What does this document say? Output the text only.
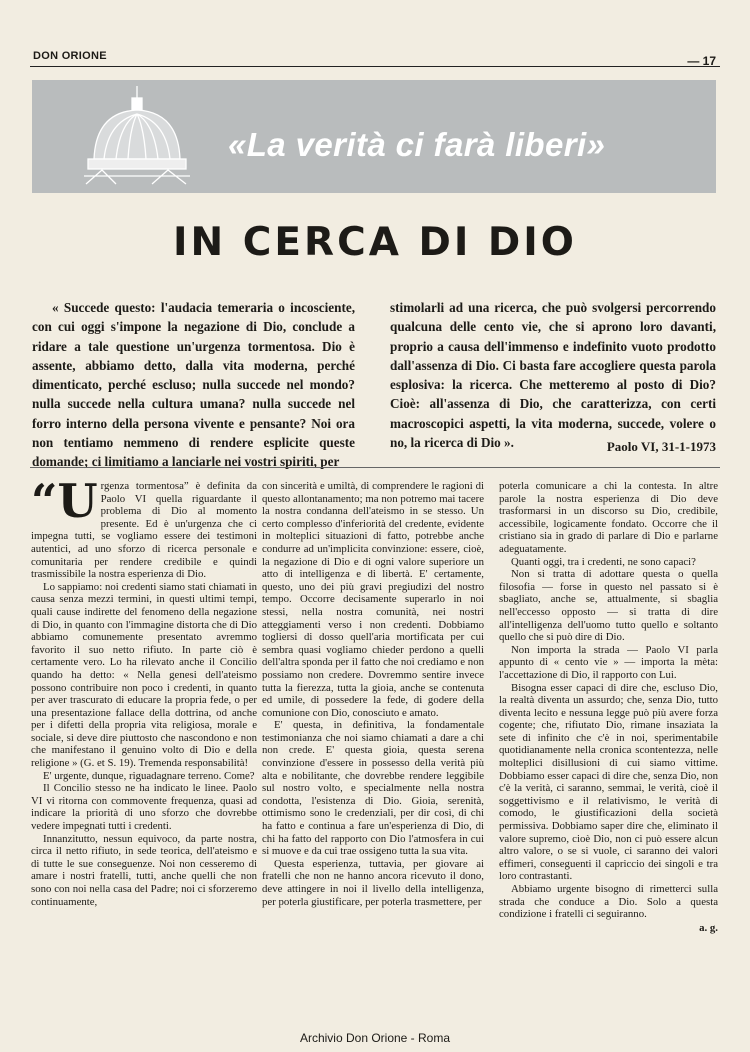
DON ORIONE	— 17
«La verità ci farà liberi»
IN CERCA DI DIO

« Succede questo: l'audacia temeraria o incosciente, con cui oggi s'impone la negazione di Dio, conclude a ridare a tale questione un'urgenza tormentosa. Dio è assente, abbiamo detto, dalla vita moderna, perché dimenticato, perché escluso; nulla succede nel mondo? nulla succede nella cultura umana? nulla succede nel forro interno della persona vivente e pensante? Noi ora non tentiamo nemmeno di rendere esplicite queste domande; ci limitiamo a lanciarle nei vostri spiriti, per

stimolarli ad una ricerca, che può svolgersi percorrendo qualcuna delle cento vie, che si aprono loro davanti, proprio a causa dell'immenso e indefinito vuoto prodotto dall'assenza di Dio. Ci basta fare accogliere questa parola esplosiva: la ricerca. Che metteremo al posto di Dio? Cioè: all'assenza di Dio, che caratterizza, con certi macroscopici aspetti, la vita moderna, succede, volere o no, la ricerca di Dio ».	Paolo VI, 31-1-1973

“Urgenza tormentosa” è definita da Paolo VI quella riguardante il problema di Dio al momento presente. Ed è un'urgenza che ci impegna tutti, se vogliamo essere dei testimoni autentici, ad uno sforzo di ricerca personale e comunitaria per rendere credibile e quindi trasmissibile la nostra esperienza di Dio.

Lo sappiamo: noi credenti siamo stati chiamati in causa senza mezzi termini, in questi ultimi tempi, quali cause indirette del fenomeno della negazione di Dio, in quanto con l'immagine distorta che di Dio abbiamo comunemente presentato avremmo favorito il suo netto rifiuto. In parte ciò è certamente vero. Lo ha rilevato anche il Concilio quando ha detto: « Nella genesi dell'ateismo possono contribuire non poco i credenti, in quanto per aver trascurato di educare la propria fede, o per una presentazione fallace della dottrina, od anche per i difetti della propria vita religiosa, morale e sociale, si deve dire piuttosto che nascondono e non che manifestano il genuino volto di Dio e della religione » (G. et S. 19). Tremenda responsabilità!

E' urgente, dunque, riguadagnare terreno. Come?

Il Concilio stesso ne ha indicato le linee. Paolo VI vi ritorna con commovente frequenza, quasi ad indicare la priorità di uno sforzo che dovrebbe vedere impegnati tutti i credenti.

Innanzitutto, nessun equivoco, da parte nostra, circa il netto rifiuto, in sede teorica, dell'ateismo e di tutte le sue conseguenze. Noi non cesseremo di amare i nostri fratelli, tutti, anche quelli che non sono con noi nella casa del Padre; noi ci sforzeremo continuamente,

con sincerità e umiltà, di comprendere le ragioni di questo allontanamento; ma non potremo mai tacere la nostra condanna dell'ateismo in se stesso. Un certo complesso d'inferiorità del credente, evidente in molteplici situazioni di fatto, potrebbe anche condurre ad un'implicita convinzione: essere, cioè, la negazione di Dio e di ogni valore superiore un atto di intelligenza e di libertà. E' certamente, questo, uno dei più gravi pregiudizi del nostro tempo. Occorre decisamente superarlo in noi stessi, nella nostra comunità, nei nostri atteggiamenti verso i non credenti. Dobbiamo togliersi di dosso quell'aria mortificata per cui sembra quasi vogliamo chieder perdono a quelli dell'altra sponda per il fatto che noi crediamo e non possiamo non credere. Dovremmo sentire invece tutta la fierezza, tutta la gioia, anche se contenuta ed umile, di possedere la fede, di godere della comunione con Dio, conosciuto e amato.

E' questa, in definitiva, la fondamentale testimonianza che noi siamo chiamati a dare a chi non crede. E' questa gioia, questa serena convinzione d'essere in possesso della verità più alta e nobilitante, che dovrebbe rendere leggibile sul nostro volto, e specialmente nella nostra condotta, l'esistenza di Dio. Gioia, serenità, ottimismo sono le credenziali, per dir così, di chi ha fatto e continua a fare un'esperienza di Dio, di chi ha fatto del rapporto con Dio l'atmosfera in cui si muove e da cui trae ossigeno tutta la sua vita.

Questa esperienza, tuttavia, per giovare ai fratelli che non ne hanno ancora ricevuto il dono, deve attingere in noi il livello della intelligenza, per poterla giustificare, per poterla trasmettere, per

poterla comunicare a chi la contesta. In altre parole la nostra esperienza di Dio deve trasformarsi in un discorso su Dio, credibile, accessibile, logicamente fondato. Occorre che il cristiano sia in grado di parlare di Dio e parlarne adeguatamente.

Quanti oggi, tra i credenti, ne sono capaci?

Non si tratta di adottare questa o quella filosofia — forse in questo nel passato si è sbagliato, anche se, attualmente, si sbaglia nell'eccesso opposto — si tratta di dire all'intelligenza dell'uomo tutto quello e soltanto quello che si può dire di Dio.

Non importa la strada — Paolo VI parla appunto di « cento vie » — importa la mèta: l'accettazione di Dio, il rapporto con Lui.

Bisogna esser capaci di dire che, escluso Dio, la realtà diventa un assurdo; che, senza Dio, tutto diventa lecito e nessuna legge può più avere forza cogente; che, rifiutato Dio, rimane insaziata la sete di infinito che c'è in noi, sperimentabile quotidianamente nella cronica scontentezza, nelle molteplici disillusioni di cui siamo vittime. Dobbiamo esser capaci di dire che, senza Dio, non c'è la verità, ci saranno, semmai, le verità, cioè il soggettivismo e il relativismo, le verità di comodo, le giustificazioni della società permissiva. Dobbiamo saper dire che, eliminato il valore supremo, cioè Dio, non ci può essere alcun altro valore, o se si vuole, ci saranno dei valori effimeri, conseguenti il capriccio dei singoli e tra loro contrastanti.

Abbiamo urgente bisogno di rimetterci sulla strada che conduce a Dio. Solo a questa condizione i fratelli ci seguiranno.

a. g.
Archivio Don Orione - Roma
